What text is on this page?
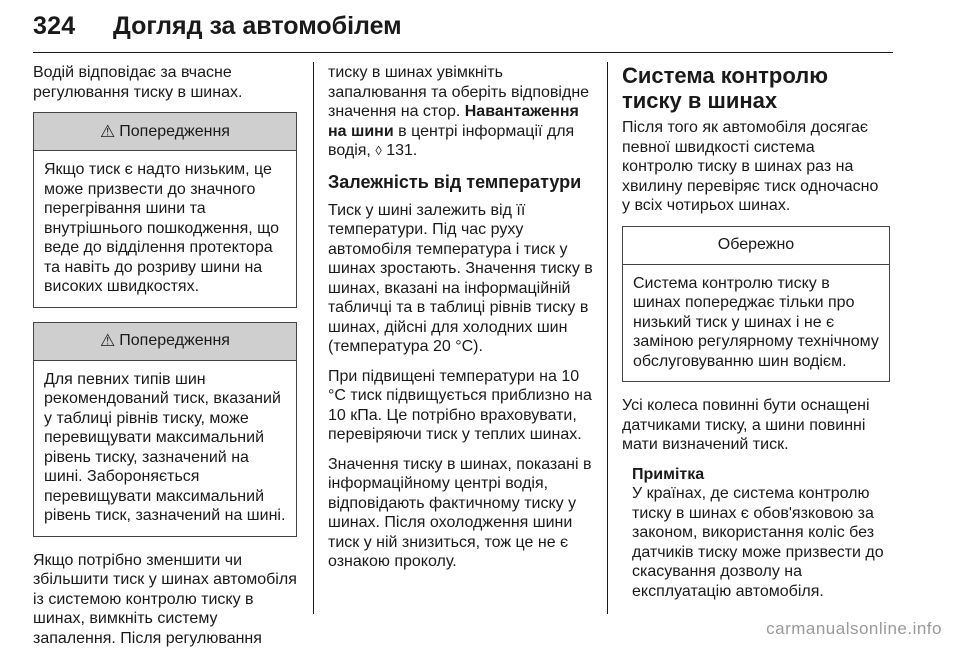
324 Догляд за автомобілем

Водій відповідає за вчасне регулювання тиску в шинах.

⚠ Попередження
Якщо тиск є надто низьким, це може призвести до значного перегрівання шини та внутрішнього пошкодження, що веде до відділення протектора та навіть до розриву шини на високих швидкостях.
⚠ Попередження
Для певних типів шин рекомендований тиск, вказаний у таблиці рівнів тиску, може перевищувати максимальний рівень тиску, зазначений на шині. Забороняється перевищувати максимальний рівень тиск, зазначений на шині.

Якщо потрібно зменшити чи збільшити тиск у шинах автомобіля із системою контролю тиску в шинах, вимкніть систему запалення. Після регулювання

тиску в шинах увімкніть запалювання та оберіть відповідне значення на стор. Навантаження на шини в центрі інформації для водія, ◊ 131.

Залежність від температури

Тиск у шині залежить від її температури. Під час руху автомобіля температура і тиск у шинах зростають. Значення тиску в шинах, вказані на інформаційній табличці та в таблиці рівнів тиску в шинах, дійсні для холодних шин (температура 20 °C).

При підвищені температури на 10 °C тиск підвищується приблизно на 10 кПа. Це потрібно враховувати, перевіряючи тиск у теплих шинах.

Значення тиску в шинах, показані в інформаційному центрі водія, відповідають фактичному тиску у шинах. Після охолодження шини тиск у ній знизиться, тож це не є ознакою проколу.

Система контролю тиску в шинах

Після того як автомобіля досягає певної швидкості система контролю тиску в шинах раз на хвилину перевіряє тиск одночасно у всіх чотирьох шинах.

Обережно
Система контролю тиску в шинах попереджає тільки про низький тиск у шинах і не є заміною регулярному технічному обслуговуванню шин водієм.

Усі колеса повинні бути оснащені датчиками тиску, а шини повинні мати визначений тиск.

Примітка

У країнах, де система контролю тиску в шинах є обов'язковою за законом, використання коліс без датчиків тиску може призвести до скасування дозволу на експлуатацію автомобіля.

carmanualsonline.info
